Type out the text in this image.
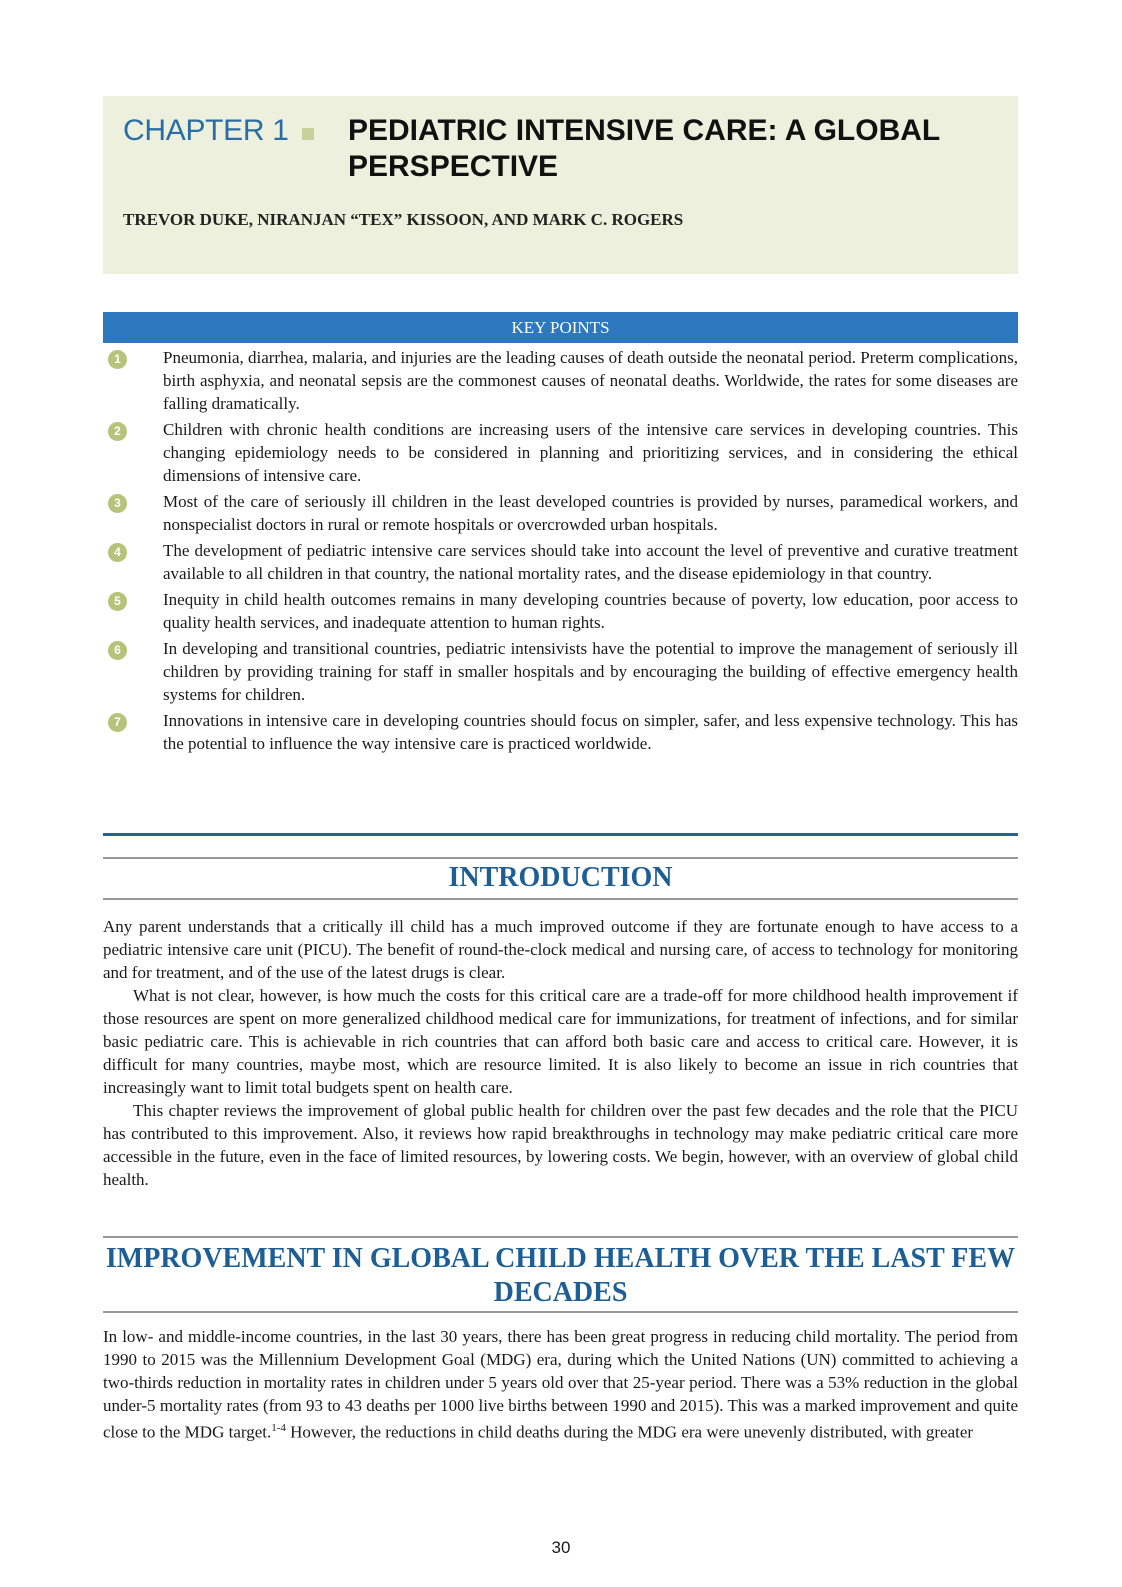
CHAPTER 1 PEDIATRIC INTENSIVE CARE: A GLOBAL PERSPECTIVE
TREVOR DUKE, NIRANJAN “TEX” KISSOON, AND MARK C. ROGERS
KEY POINTS
1	Pneumonia, diarrhea, malaria, and injuries are the leading causes of death outside the neonatal period. Preterm complications, birth asphyxia, and neonatal sepsis are the commonest causes of neonatal deaths. Worldwide, the rates for some diseases are falling dramatically.
2	Children with chronic health conditions are increasing users of the intensive care services in developing countries. This changing epidemiology needs to be considered in planning and prioritizing services, and in considering the ethical dimensions of intensive care.
3	Most of the care of seriously ill children in the least developed countries is provided by nurses, paramedical workers, and nonspecialist doctors in rural or remote hospitals or overcrowded urban hospitals.
4	The development of pediatric intensive care services should take into account the level of preventive and curative treatment available to all children in that country, the national mortality rates, and the disease epidemiology in that country.
5	Inequity in child health outcomes remains in many developing countries because of poverty, low education, poor access to quality health services, and inadequate attention to human rights.
6	In developing and transitional countries, pediatric intensivists have the potential to improve the management of seriously ill children by providing training for staff in smaller hospitals and by encouraging the building of effective emergency health systems for children.
7	Innovations in intensive care in developing countries should focus on simpler, safer, and less expensive technology. This has the potential to influence the way intensive care is practiced worldwide.
INTRODUCTION

Any parent understands that a critically ill child has a much improved outcome if they are fortunate enough to have access to a pediatric intensive care unit (PICU). The benefit of round-the-clock medical and nursing care, of access to technology for monitoring and for treatment, and of the use of the latest drugs is clear.

What is not clear, however, is how much the costs for this critical care are a trade-off for more childhood health improvement if those resources are spent on more generalized childhood medical care for immunizations, for treatment of infections, and for similar basic pediatric care. This is achievable in rich countries that can afford both basic care and access to critical care. However, it is difficult for many countries, maybe most, which are resource limited. It is also likely to become an issue in rich countries that increasingly want to limit total budgets spent on health care.

This chapter reviews the improvement of global public health for children over the past few decades and the role that the PICU has contributed to this improvement. Also, it reviews how rapid breakthroughs in technology may make pediatric critical care more accessible in the future, even in the face of limited resources, by lowering costs. We begin, however, with an overview of global child health.

IMPROVEMENT IN GLOBAL CHILD HEALTH OVER THE LAST FEW DECADES

In low- and middle-income countries, in the last 30 years, there has been great progress in reducing child mortality. The period from 1990 to 2015 was the Millennium Development Goal (MDG) era, during which the United Nations (UN) committed to achieving a two-thirds reduction in mortality rates in children under 5 years old over that 25-year period. There was a 53% reduction in the global under-5 mortality rates (from 93 to 43 deaths per 1000 live births between 1990 and 2015). This was a marked improvement and quite close to the MDG target.$^{1-4}$ However, the reductions in child deaths during the MDG era were unevenly distributed, with greater

30
